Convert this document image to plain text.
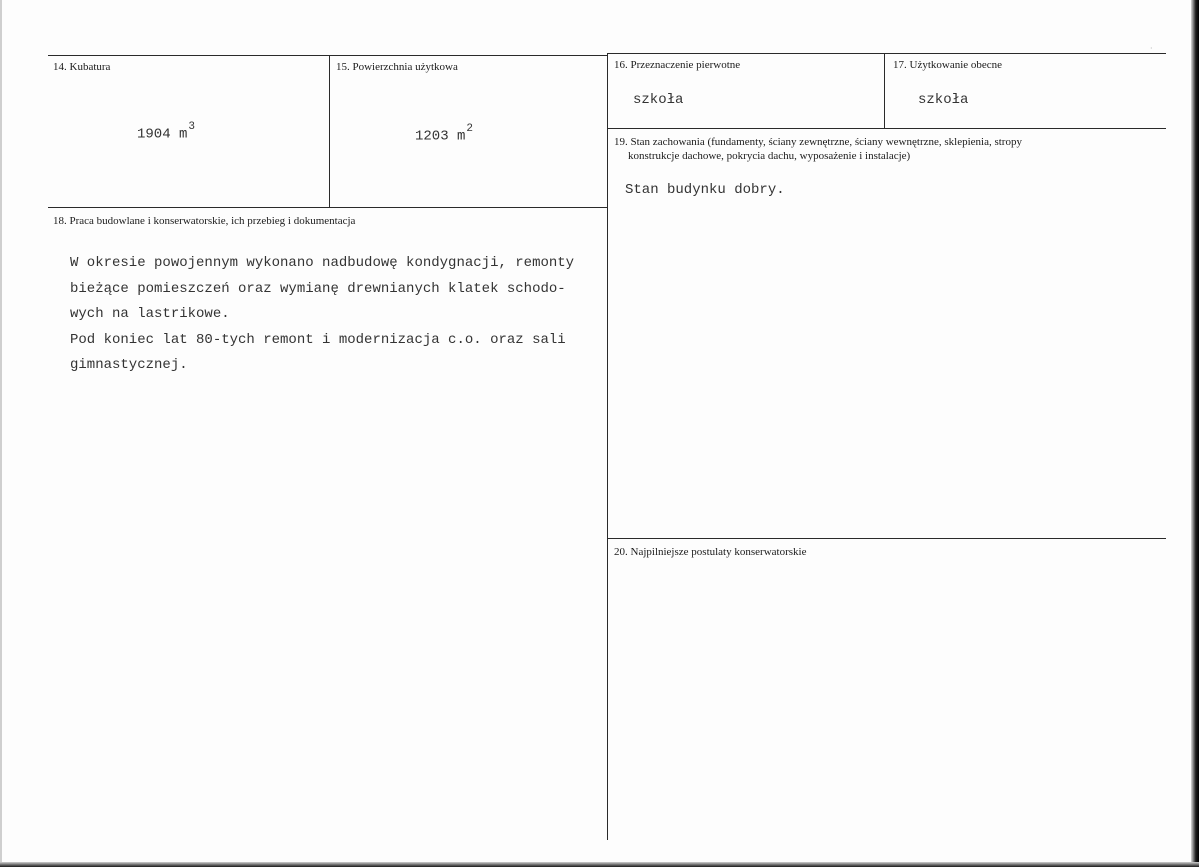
14. Kubatura
1904 $m^3$
15. Powierzchnia użytkowa
1203 $m^2$
16. Przeznaczenie pierwotne
szkoła
17. Użytkowanie obecne
szkoła
19. Stan zachowania (fundamenty, ściany zewnętrzne, ściany wewnętrzne, sklepienia, stropy
konstrukcje dachowe, pokrycia dachu, wyposażenie i instalacje)
Stan budynku dobry.
18. Praca budowlane i konserwatorskie, ich przebieg i dokumentacja
W okresie powojennym wykonano nadbudowę kondygnacji, remonty
bieżące pomieszczeń oraz wymianę drewnianych klatek schodo-
wych na lastrikowe.
Pod koniec lat 80-tych remont i modernizacja c.o. oraz sali
gimnastycznej.
20. Najpilniejsze postulaty konserwatorskie
·
